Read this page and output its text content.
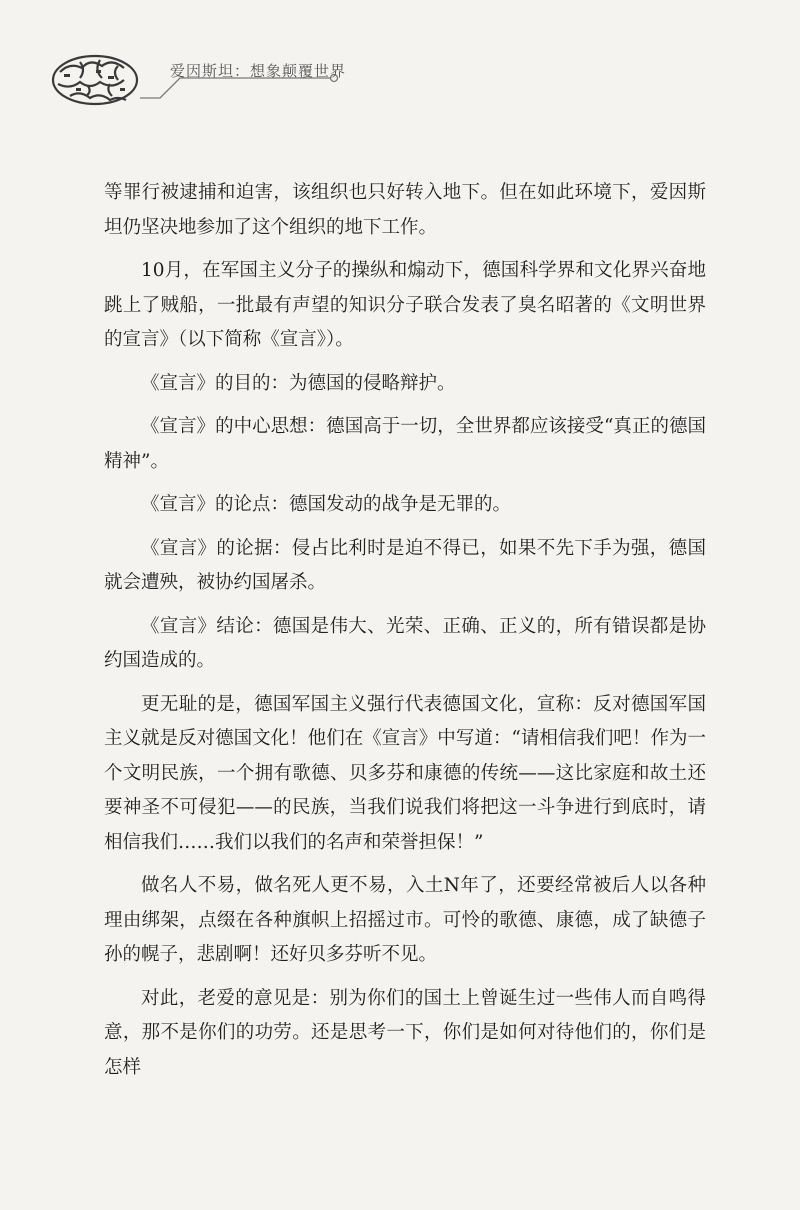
爱因斯坦：想象颠覆世界

等罪行被逮捕和迫害，该组织也只好转入地下。但在如此环境下，爱因斯坦仍坚决地参加了这个组织的地下工作。

10月，在军国主义分子的操纵和煽动下，德国科学界和文化界兴奋地跳上了贼船，一批最有声望的知识分子联合发表了臭名昭著的《文明世界的宣言》（以下简称《宣言》）。

《宣言》的目的：为德国的侵略辩护。

《宣言》的中心思想：德国高于一切，全世界都应该接受“真正的德国精神”。

《宣言》的论点：德国发动的战争是无罪的。

《宣言》的论据：侵占比利时是迫不得已，如果不先下手为强，德国就会遭殃，被协约国屠杀。

《宣言》结论：德国是伟大、光荣、正确、正义的，所有错误都是协约国造成的。

更无耻的是，德国军国主义强行代表德国文化，宣称：反对德国军国主义就是反对德国文化！他们在《宣言》中写道：“请相信我们吧！作为一个文明民族，一个拥有歌德、贝多芬和康德的传统——这比家庭和故土还要神圣不可侵犯——的民族，当我们说我们将把这一斗争进行到底时，请相信我们……我们以我们的名声和荣誉担保！”

做名人不易，做名死人更不易，入土N年了，还要经常被后人以各种理由绑架，点缀在各种旗帜上招摇过市。可怜的歌德、康德，成了缺德子孙的幌子，悲剧啊！还好贝多芬听不见。

对此，老爱的意见是：别为你们的国土上曾诞生过一些伟人而自鸣得意，那不是你们的功劳。还是思考一下，你们是如何对待他们的，你们是怎样
